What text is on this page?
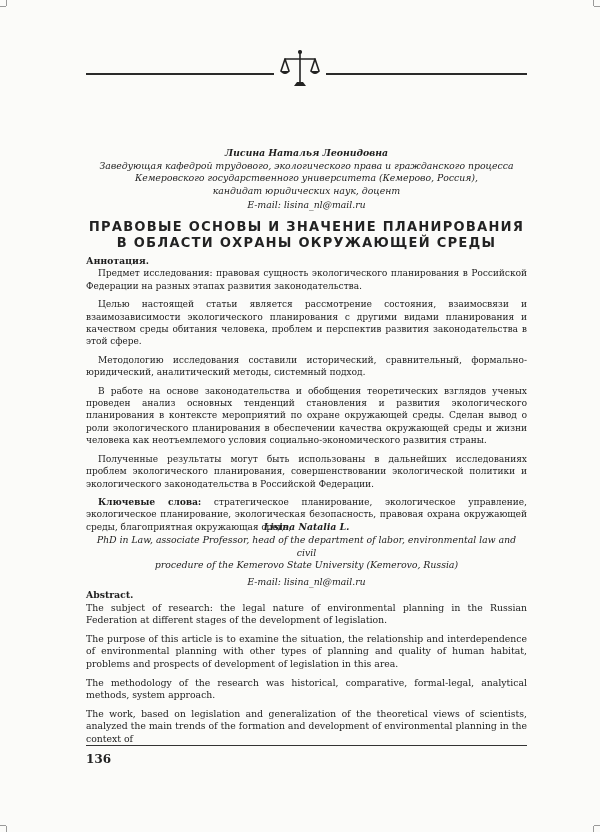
Лисина Наталья Леонидовна
Заведующая кафедрой трудового, экологического права и гражданского процесса
Кемеровского государственного университета (Кемерово, Россия),
кандидат юридических наук, доцент
E-mail: lisina_nl@mail.ru
ПРАВОВЫЕ ОСНОВЫ И ЗНАЧЕНИЕ ПЛАНИРОВАНИЯ
В ОБЛАСТИ ОХРАНЫ ОКРУЖАЮЩЕЙ СРЕДЫ

Аннотация.

Предмет исследования: правовая сущность экологического планирования в Российской Федерации на разных этапах развития законодательства.

Целью настоящей статьи является рассмотрение состояния, взаимосвязи и взаимозависимости экологического планирования с другими видами планирования и качеством среды обитания человека, проблем и перспектив развития законодательства в этой сфере.

Методологию исследования составили исторический, сравнительный, формально-юридический, аналитический методы, системный подход.

В работе на основе законодательства и обобщения теоретических взглядов ученых проведен анализ основных тенденций становления и развития экологического планирования в контексте мероприятий по охране окружающей среды. Сделан вывод о роли экологического планирования в обеспечении качества окружающей среды и жизни человека как неотъемлемого условия социально-экономического развития страны.

Полученные результаты могут быть использованы в дальнейших исследованиях проблем экологического планирования, совершенствовании экологической политики и экологического законодательства в Российской Федерации.

Ключевые слова: стратегическое планирование, экологическое управление, экологическое планирование, экологическая безопасность, правовая охрана окружающей среды, благоприятная окружающая среда,

Lisina Natalia L.
PhD in Law, associate Professor, head of the department of labor, environmental law and civil
procedure of the Kemerovo State University (Kemerovo, Russia)
E-mail: lisina_nl@mail.ru

Abstract.

The subject of research: the legal nature of environmental planning in the Russian Federation at different stages of the development of legislation.

The purpose of this article is to examine the situation, the relationship and interdependence of environmental planning with other types of planning and quality of human habitat, problems and prospects of development of legislation in this area.

The methodology of the research was historical, comparative, formal-legal, analytical methods, system approach.

The work, based on legislation and generalization of the theoretical views of scientists, analyzed the main trends of the formation and development of environmental planning in the context of

136
